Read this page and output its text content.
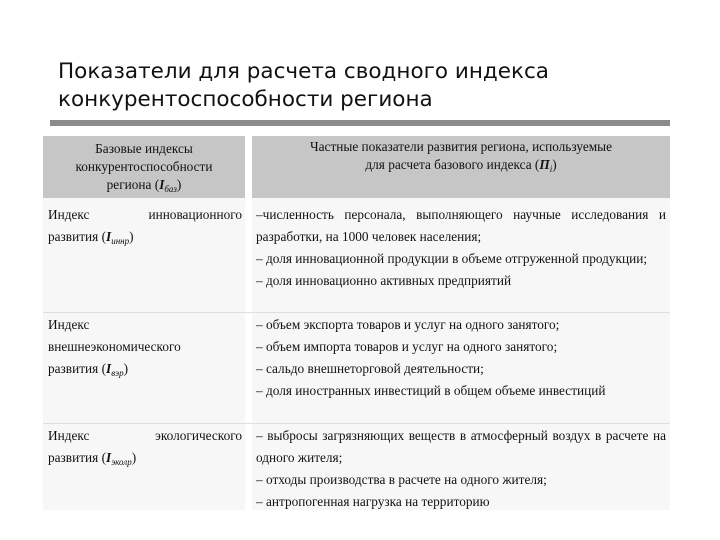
Показатели для расчета сводного индекса
конкурентоспособности региона
Базовые индексы
конкурентоспособности
региона $(I_{баз})$
Частные показатели развития региона, используемые
для расчета базового индекса $(П_i)$

Индекс инновационного

развития $(I_{иннр})$

–численность персонала, выполняющего научные исследования и разработки, на 1000 человек населения;

– доля инновационной продукции в объеме отгруженной продукции;

– доля инновационно активных предприятий

Индекс

внешнеэкономического

развития $(I_{вэр})$

– объем экспорта товаров и услуг на одного занятого;

– объем импорта товаров и услуг на одного занятого;

– сальдо внешнеторговой деятельности;

– доля иностранных инвестиций в общем объеме инвестиций

Индекс экологического

развития $(I_{эколр})$

– выбросы загрязняющих веществ в атмосферный воздух в расчете на одного жителя;

– отходы производства в расчете на одного жителя;

– антропогенная нагрузка на территорию
